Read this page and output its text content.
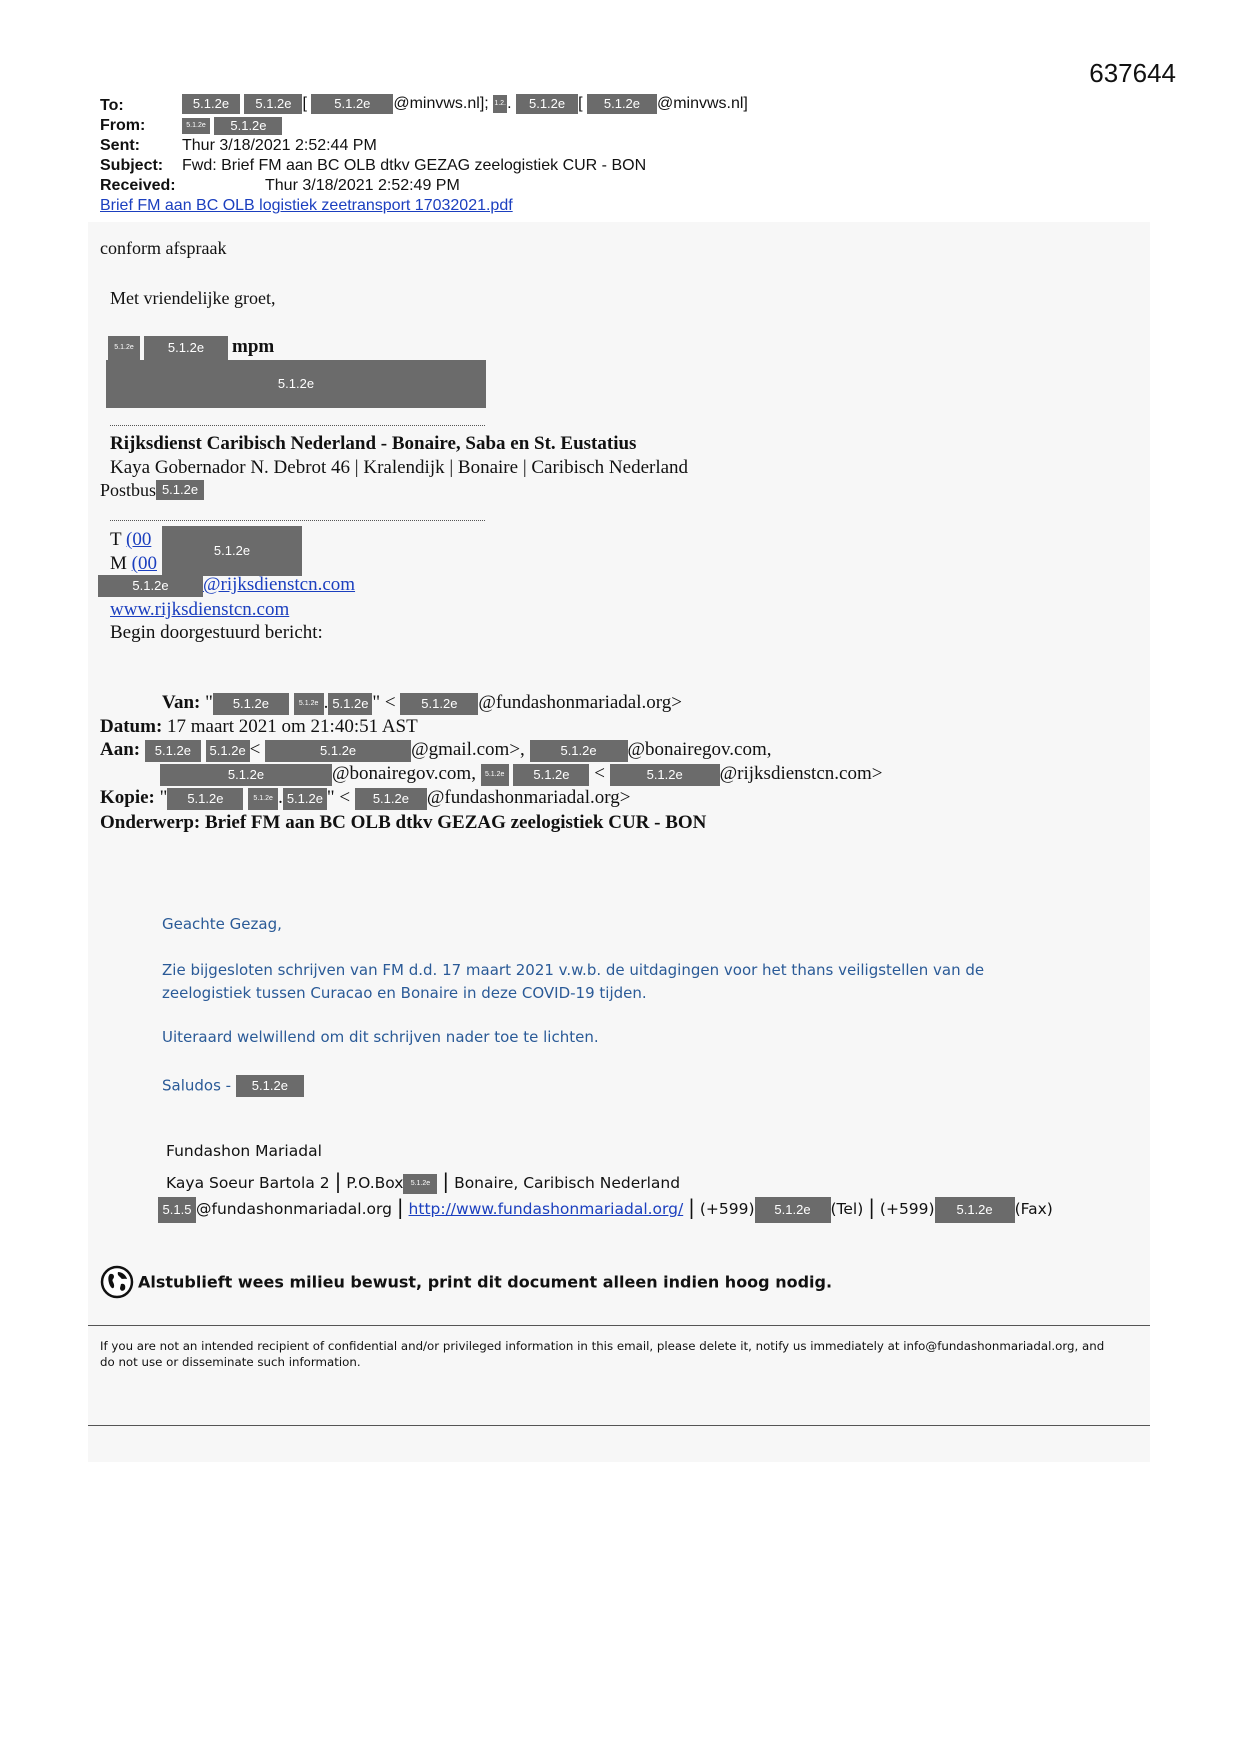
637644
To:	5.1.2e 5.1.2e [ 5.1.2e @minvws.nl]; 1.2.. 5.1.2e [ 5.1.2e @minvws.nl]
From:	5.1.2e 5.1.2e
Sent:	Thur 3/18/2021 2:52:44 PM
Subject: Fwd: Brief FM aan BC OLB dtkv GEZAG zeelogistiek CUR - BON
Received:	Thur 3/18/2021 2:52:49 PM
Brief FM aan BC OLB logistiek zeetransport 17032021.pdf
conform afspraak
Met vriendelijke groet,
5.1.2e	5.1.2e mpm
5.1.2e
Rijksdienst Caribisch Nederland - Bonaire, Saba en St. Eustatius
Kaya Gobernador N. Debrot 46 | Kralendijk | Bonaire | Caribisch Nederland
Postbus 5.1.2e
T (00
M (00
5.1.2e
5.1.2e @rijksdienstcn.com
www.rijksdienstcn.com
Begin doorgestuurd bericht:
Van: " 5.1.2e	5.1.2e . 5.1.2e " < 5.1.2e @fundashonmariadal.org>
Datum: 17 maart 2021 om 21:40:51 AST
Aan: 5.1.2e 5.1.2e <	5.1.2e	@gmail.com>,	5.1.2e @bonairegov.com,
5.1.2e	@bonairegov.com, 5.1.2e 5.1.2e <	5.1.2e @rijksdienstcn.com>
Kopie: " 5.1.2e	5.1.2e . 5.1.2e " < 5.1.2e @fundashonmariadal.org>
Onderwerp: Brief FM aan BC OLB dtkv GEZAG zeelogistiek CUR - BON
Geachte Gezag,
Zie bijgesloten schrijven van FM d.d. 17 maart 2021 v.w.b. de uitdagingen voor het thans veiligstellen van de
zeelogistiek tussen Curacao en Bonaire in deze COVID-19 tijden.
Uiteraard welwillend om dit schrijven nader toe te lichten.
Saludos - 5.1.2e
Fundashon Mariadal
Kaya Soeur Bartola 2 | P.O.Box 5.1.2e | Bonaire, Caribisch Nederland
5.1.5 @fundashonmariadal.org | http://www.fundashonmariadal.org/ | (+599) 5.1.2e (Tel) | (+599) 5.1.2e (Fax)
Alstublieft wees milieu bewust, print dit document alleen indien hoog nodig.
If you are not an intended recipient of confidential and/or privileged information in this email, please delete it, notify us immediately at info@fundashonmariadal.org, and
do not use or disseminate such information.
